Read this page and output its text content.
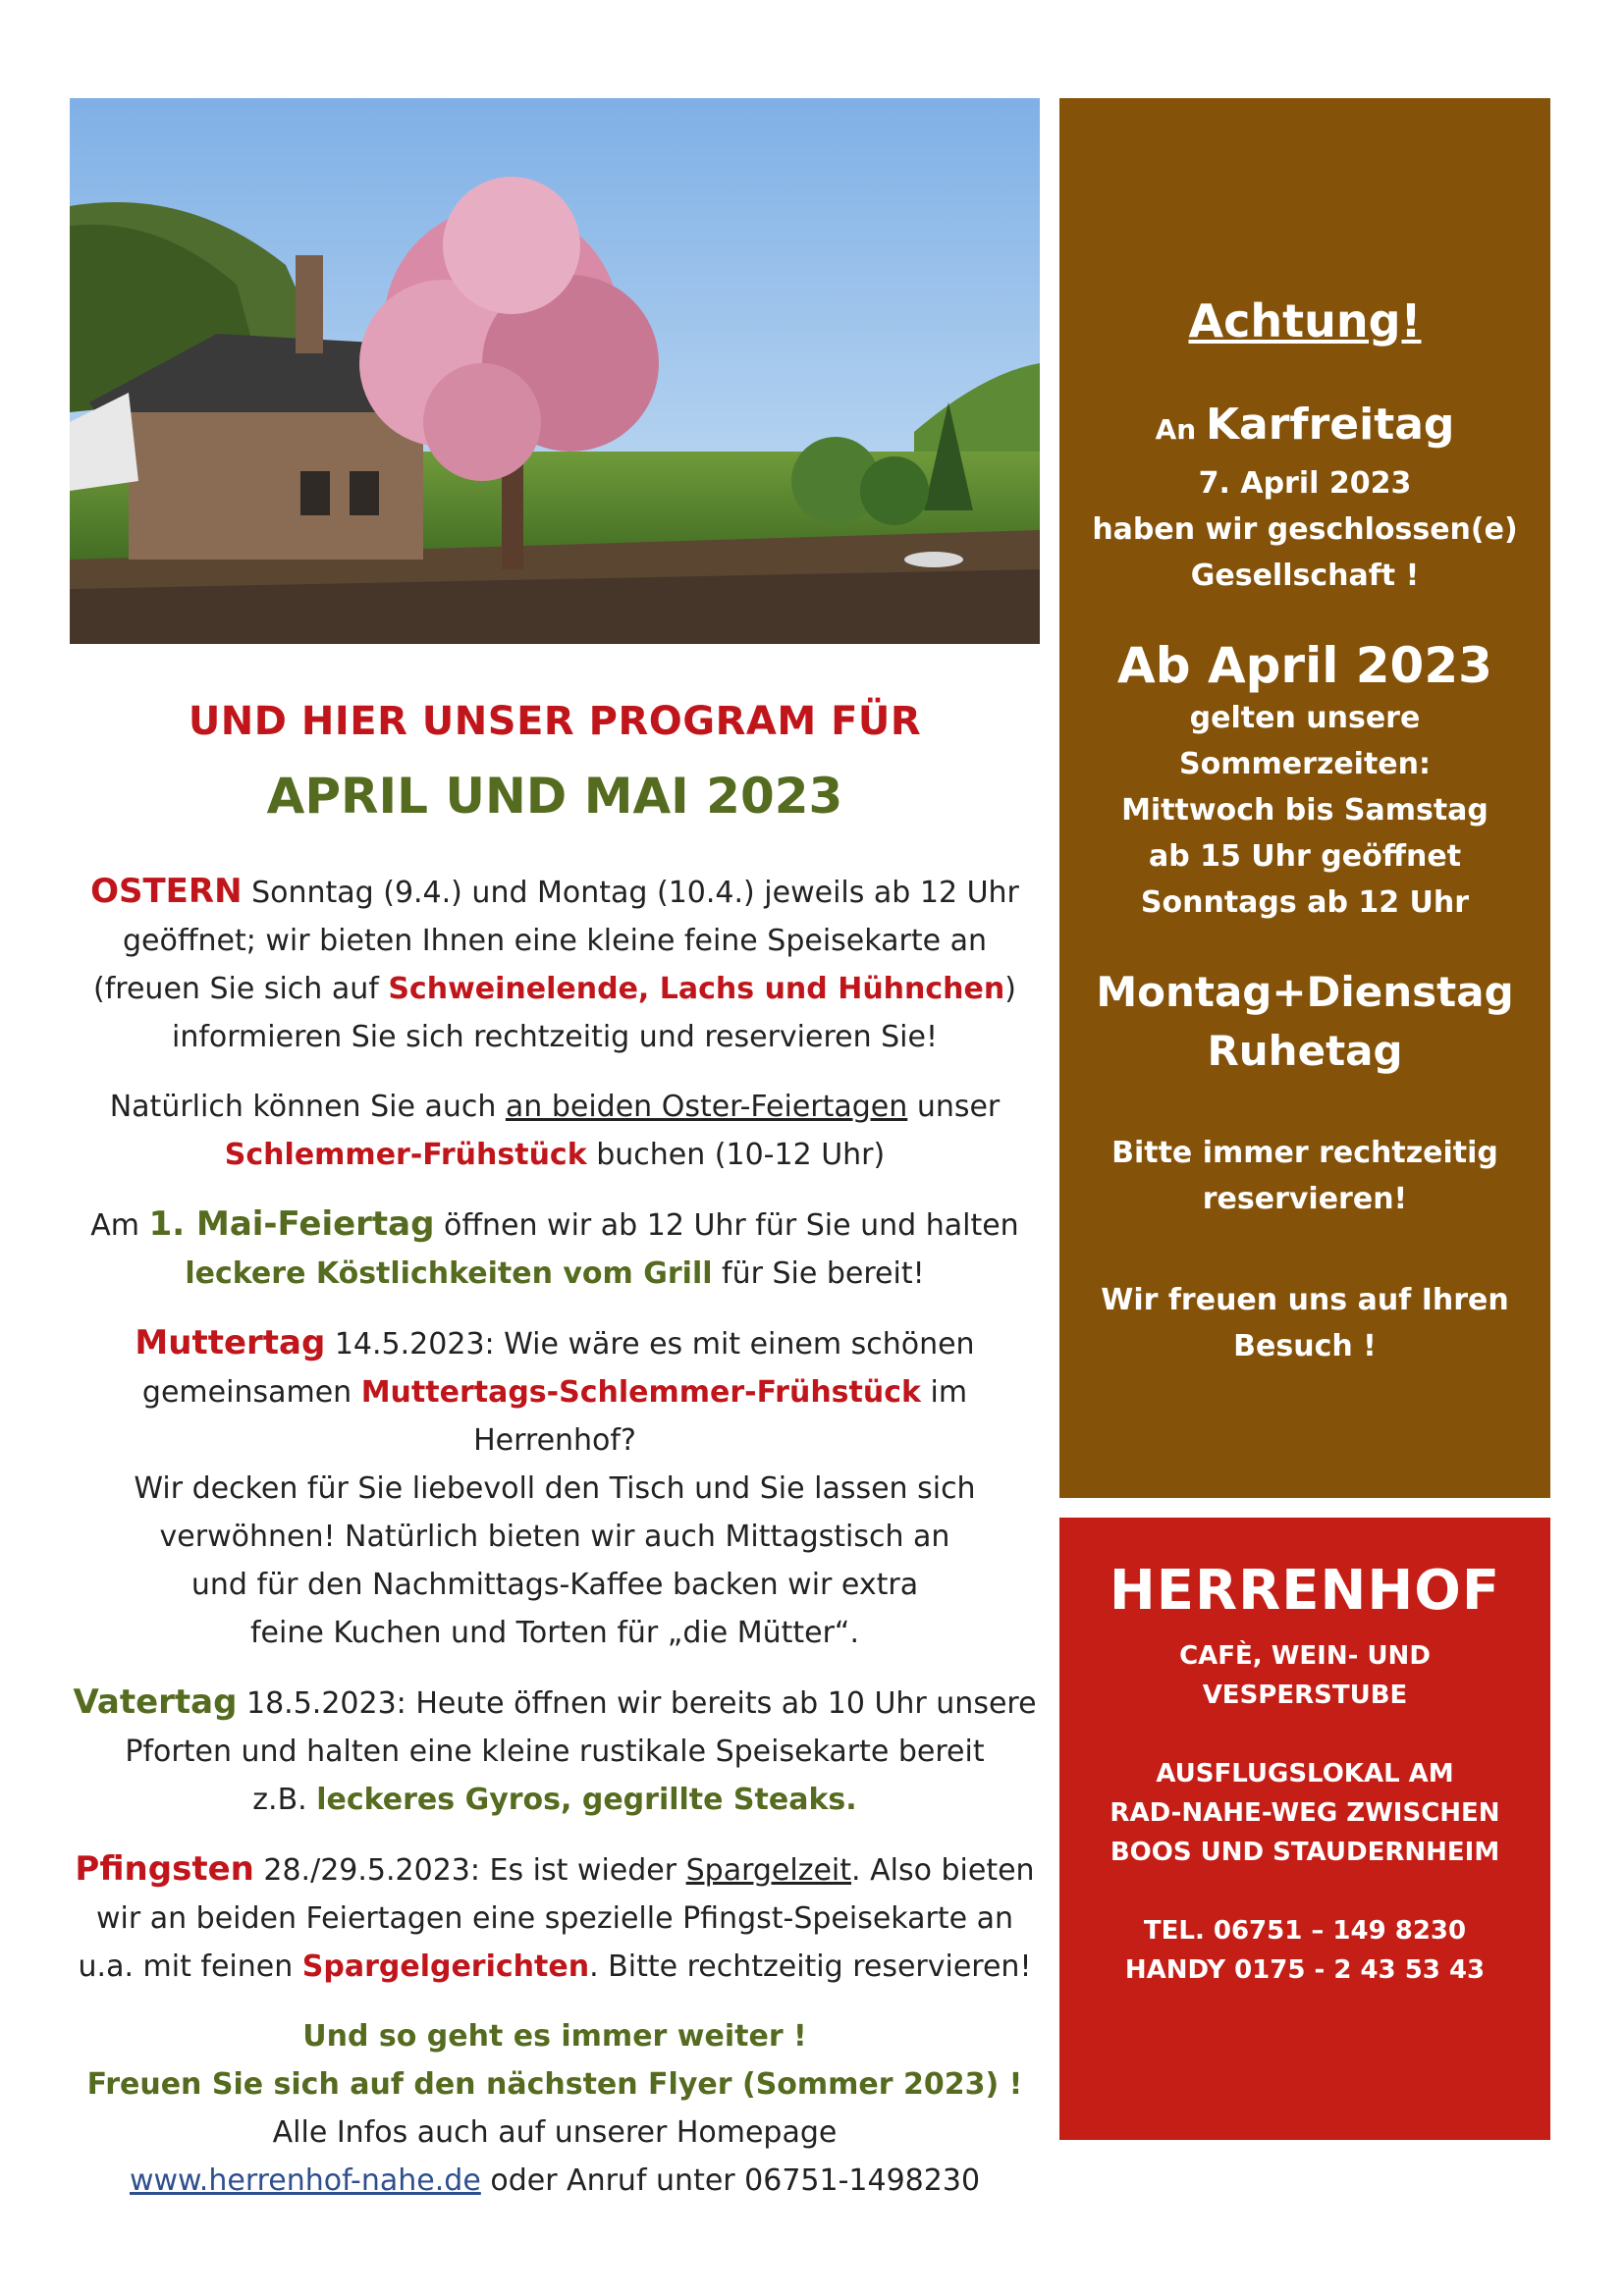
UND HIER UNSER PROGRAM FÜR
APRIL UND MAI 2023

OSTERN Sonntag (9.4.) und Montag (10.4.) jeweils ab 12 Uhr
geöffnet; wir bieten Ihnen eine kleine feine Speisekarte an
(freuen Sie sich auf Schweinelende, Lachs und Hühnchen)
informieren Sie sich rechtzeitig und reservieren Sie!

Natürlich können Sie auch an beiden Oster-Feiertagen unser
Schlemmer-Frühstück buchen (10-12 Uhr)

Am 1. Mai-Feiertag öffnen wir ab 12 Uhr für Sie und halten
leckere Köstlichkeiten vom Grill für Sie bereit!

Muttertag 14.5.2023: Wie wäre es mit einem schönen
gemeinsamen Muttertags-Schlemmer-Frühstück im Herrenhof?
Wir decken für Sie liebevoll den Tisch und Sie lassen sich
verwöhnen! Natürlich bieten wir auch Mittagstisch an
und für den Nachmittags-Kaffee backen wir extra
feine Kuchen und Torten für „die Mütter“.

Vatertag 18.5.2023: Heute öffnen wir bereits ab 10 Uhr unsere
Pforten und halten eine kleine rustikale Speisekarte bereit
z.B. leckeres Gyros, gegrillte Steaks.

Pfingsten 28./29.5.2023: Es ist wieder Spargelzeit. Also bieten
wir an beiden Feiertagen eine spezielle Pfingst-Speisekarte an
u.a. mit feinen Spargelgerichten. Bitte rechtzeitig reservieren!

Und so geht es immer weiter !
Freuen Sie sich auf den nächsten Flyer (Sommer 2023) !
Alle Infos auch auf unserer Homepage
www.herrenhof-nahe.de oder Anruf unter 06751-1498230

Achtung!
An Karfreitag
7. April 2023
haben wir geschlossen(e)
Gesellschaft !
Ab April 2023
gelten unsere
Sommerzeiten:
Mittwoch bis Samstag
ab 15 Uhr geöffnet
Sonntags ab 12 Uhr
Montag+Dienstag
Ruhetag
Bitte immer rechtzeitig
reservieren!
Wir freuen uns auf Ihren
Besuch !
HERRENHOF
CAFÈ, WEIN- UND
VESPERSTUBE
AUSFLUGSLOKAL AM
RAD-NAHE-WEG ZWISCHEN
BOOS UND STAUDERNHEIM
TEL. 06751 – 149 8230
HANDY 0175 - 2 43 53 43
